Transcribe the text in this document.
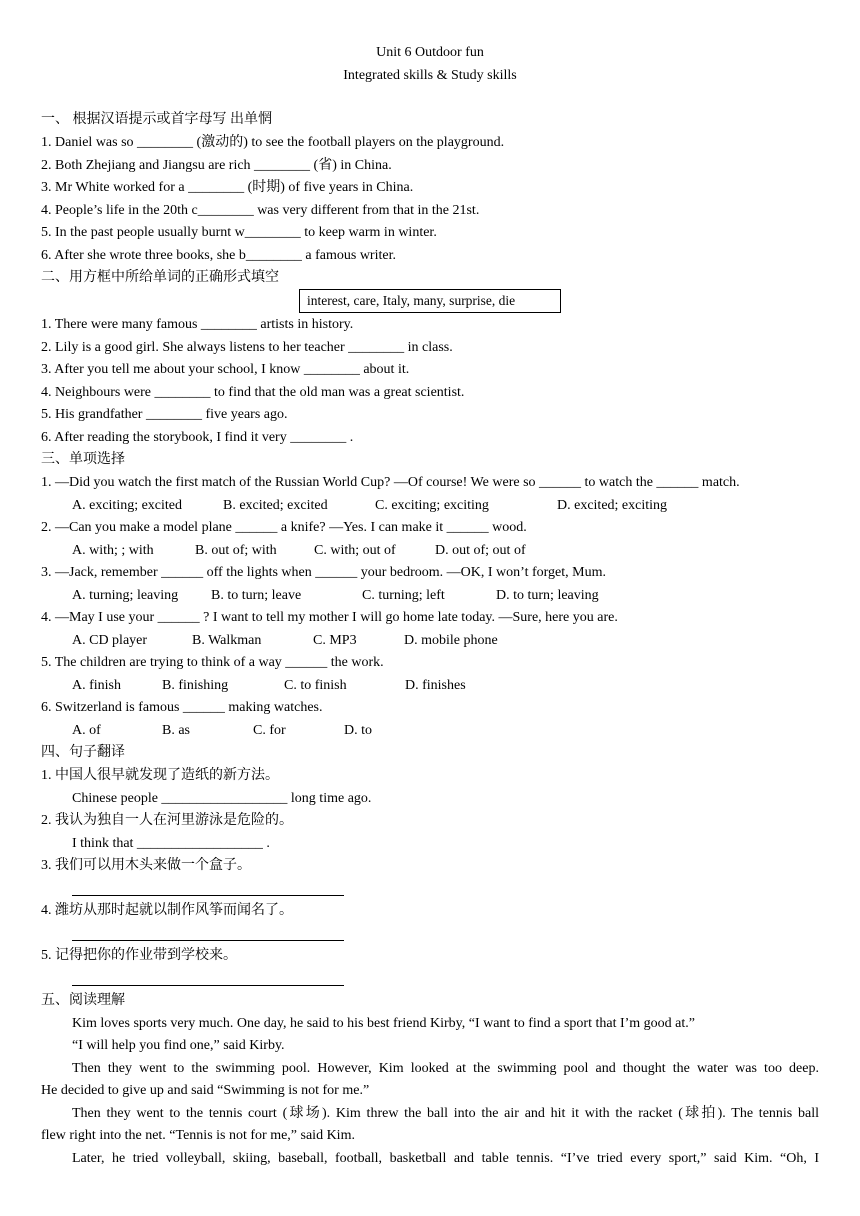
Unit 6 Outdoor fun
Integrated skills & Study skills
一、 根据汉语提示或首字母写 出单惘
1. Daniel was so ________ (激动的) to see the football players on the playground.
2. Both Zhejiang and Jiangsu are rich ________ (省) in China.
3. Mr White worked for a ________ (时期) of five years in China.
4. People’s life in the 20th c________ was very different from that in the 21st.
5. In the past people usually burnt w________ to keep warm in winter.
6. After she wrote three books, she b________ a famous writer.
二、用方框中所给单词的正确形式填空
interest, care, Italy, many, surprise, die
1. There were many famous ________ artists in history.
2. Lily is a good girl. She always listens to her teacher ________ in class.
3. After you tell me about your school, I know ________ about it.
4. Neighbours were ________ to find that the old man was a great scientist.
5. His grandfather ________ five years ago.
6. After reading the storybook, I find it very ________ .
三、单项选择
1. —Did you watch the first match of the Russian World Cup? —Of course! We were so ______ to watch the ______ match.
A. exciting; excited	B. excited; excited	C. exciting; exciting	D. excited; exciting
2. —Can you make a model plane ______ a knife? —Yes. I can make it ______ wood.
A. with; ; with	B. out of; with	C. with; out of	D. out of; out of
3. —Jack, remember ______ off the lights when ______ your bedroom. —OK, I won’t forget, Mum.
A. turning; leaving B. to turn; leave	C. turning; left	D. to turn; leaving
4. —May I use your ______ ? I want to tell my mother I will go home late today. —Sure, here you are.
A. CD player	B. Walkman	C. MP3	D. mobile phone
5. The children are trying to think of a way ______ the work.
A. finish	B. finishing	C. to finish	D. finishes
6. Switzerland is famous ______ making watches.
A. of	B. as	C. for	D. to
四、句子翻译
1. 中国人很早就发现了造纸的新方法。
Chinese people __________________ long time ago.
2. 我认为独自一人在河里游泳是危险的。
I think that __________________ .
3. 我们可以用木头来做一个盒子。
4. 潍坊从那时起就以制作风筝而闻名了。
5. 记得把你的作业带到学校来。
五、阅读理解
Kim loves sports very much. One day, he said to his best friend Kirby, “I want to find a sport that I’m good at.”
“I will help you find one,” said Kirby.
Then they went to the swimming pool. However, Kim looked at the swimming pool and thought the water was too deep.
He decided to give up and said “Swimming is not for me.”
Then they went to the tennis court (球场). Kim threw the ball into the air and hit it with the racket (球拍). The tennis ball
flew right into the net. “Tennis is not for me,” said Kim.
Later, he tried volleyball, skiing, baseball, football, basketball and table tennis. “I’ve tried every sport,” said Kim. “Oh, I
